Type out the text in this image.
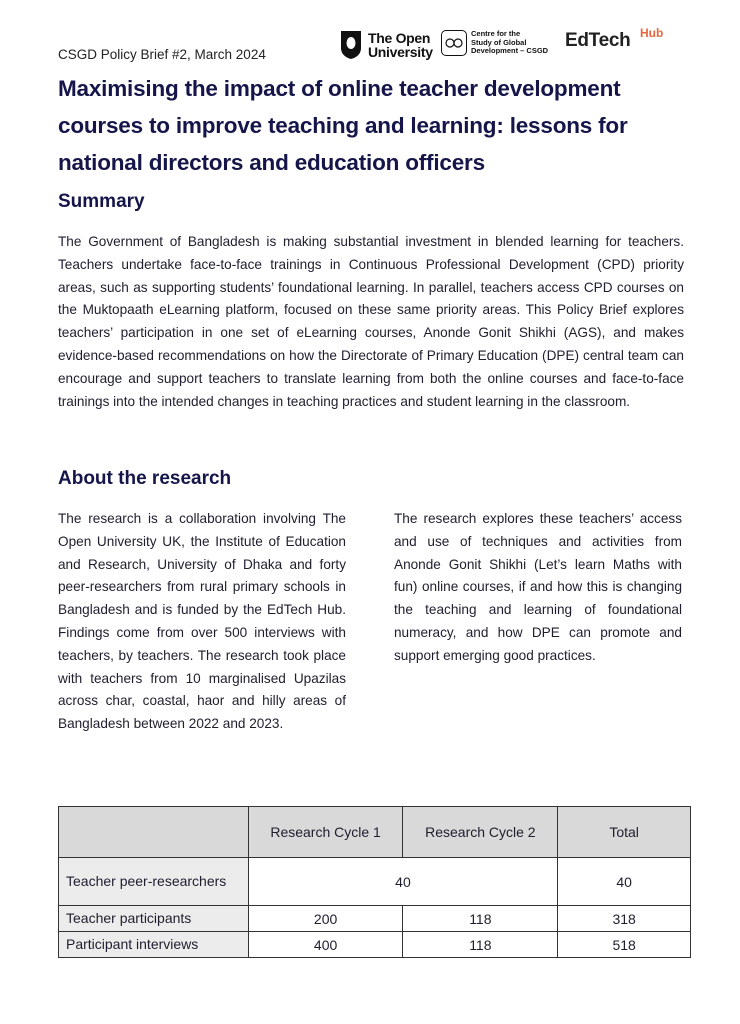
CSGD Policy Brief #2, March 2024
The Open
University
Centre for the
Study of Global
Development – CSGD EdTech Hub
Maximising the impact of online teacher development courses to improve teaching and learning: lessons for national directors and education officers
Summary

The Government of Bangladesh is making substantial investment in blended learning for teachers. Teachers undertake face-to-face trainings in Continuous Professional Development (CPD) priority areas, such as supporting students’ foundational learning. In parallel, teachers access CPD courses on the Muktopaath eLearning platform, focused on these same priority areas. This Policy Brief explores teachers’ participation in one set of eLearning courses, Anonde Gonit Shikhi (AGS), and makes evidence-based recommendations on how the Directorate of Primary Education (DPE) central team can encourage and support teachers to translate learning from both the online courses and face-to-face trainings into the intended changes in teaching practices and student learning in the classroom.

About the research

The research is a collaboration involving The Open University UK, the Institute of Education and Research, University of Dhaka and forty peer-researchers from rural primary schools in Bangladesh and is funded by the EdTech Hub. Findings come from over 500 interviews with teachers, by teachers. The research took place with teachers from 10 marginalised Upazilas across char, coastal, haor and hilly areas of Bangladesh between 2022 and 2023.

The research explores these teachers’ access and use of techniques and activities from Anonde Gonit Shikhi (Let’s learn Maths with fun) online courses, if and how this is changing the teaching and learning of foundational numeracy, and how DPE can promote and support emerging good practices.

	Research Cycle 1	Research Cycle 2	Total
Teacher peer-researchers	40		40
Teacher participants	200	118	318
Participant interviews	400	118	518
